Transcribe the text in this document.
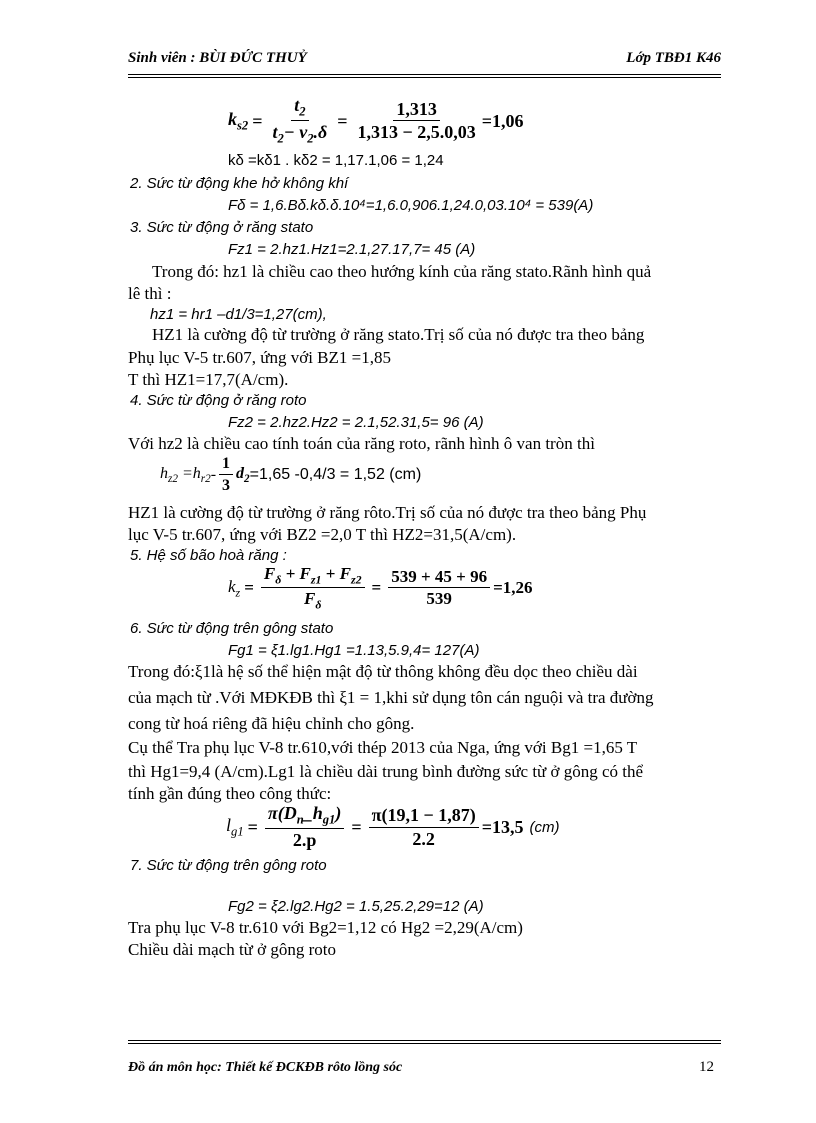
Sinh viên : BÙI ĐỨC THUỶ	Lớp TBĐ1 K46
$k_{s2} = \frac{t_2}{t_2- \nu_2.\delta} = \frac{1,313}{1,313 - 2,5.0,03} =1,06$
kδ =kδ1 . kδ2 = 1,17.1,06 = 1,24
2. Sức từ động khe hở không khí
Fδ = 1,6.Bδ.kδ.δ.10⁴=1,6.0,906.1,24.0,03.10⁴ = 539(A)
3. Sức từ động ở răng stato
Fz1 = 2.hz1.Hz1=2.1,27.17,7= 45 (A)
Trong đó: hz1 là chiều cao theo hướng kính của răng stato.Rãnh hình quả
lê thì :
hz1 = hr1 –d1/3=1,27(cm),
HZ1 là cường độ từ trường ở răng stato.Trị số của nó được tra theo bảng
Phụ lục V-5 tr.607, ứng với BZ1 =1,85
T thì HZ1=17,7(A/cm).
4. Sức từ động ở răng roto
Fz2 = 2.hz2.Hz2 = 2.1,52.31,5= 96 (A)
Với hz2 là chiều cao tính toán của răng roto, rãnh hình ô van tròn thì
$h_{z2} =h_{r2}$ -
1
3
$d_2 =1,65$ -0,4/3 = 1,52 (cm)
HZ1 là cường độ từ trường ở răng rôto.Trị số của nó được tra theo bảng Phụ
lục V-5 tr.607, ứng với BZ2 =2,0 T thì HZ2=31,5(A/cm).
5. Hệ số bão hoà răng :
$k_z = \frac{F_\delta + F_{z1} + F_{z2}}{F_\delta} = \frac{539 + 45 + 96}{539} =1,26$
6. Sức từ động trên gông stato
Fg1 = ξ1.lg1.Hg1 =1.13,5.9,4= 127(A)
Trong đó:ξ1là hệ số thể hiện mật độ từ thông không đều dọc theo chiều dài
của mạch từ .Với MĐKĐB thì ξ1 = 1,khi sử dụng tôn cán nguội và tra đường
cong từ hoá riêng đã hiệu chỉnh cho gông.
Cụ thể Tra phụ lục V-8 tr.610,với thép 2013 của Nga, ứng với Bg1 =1,65 T
thì Hg1=9,4 (A/cm).Lg1 là chiều dài trung bình đường sức từ ở gông có thể
tính gần đúng theo công thức:
$l_{g1} = \frac{\pi(D_n\_h_{g1})}{2.p} = \frac{\pi(19,1 - 1,87)}{2.2} =13,5$ (cm)
7. Sức từ động trên gông roto
Fg2 = ξ2.lg2.Hg2 = 1.5,25.2,29=12 (A)
Tra phụ lục V-8 tr.610 với Bg2=1,12 có Hg2 =2,29(A/cm)
Chiều dài mạch từ ở gông roto
Đồ án môn học: Thiết kế ĐCKĐB rôto lồng sóc	12
